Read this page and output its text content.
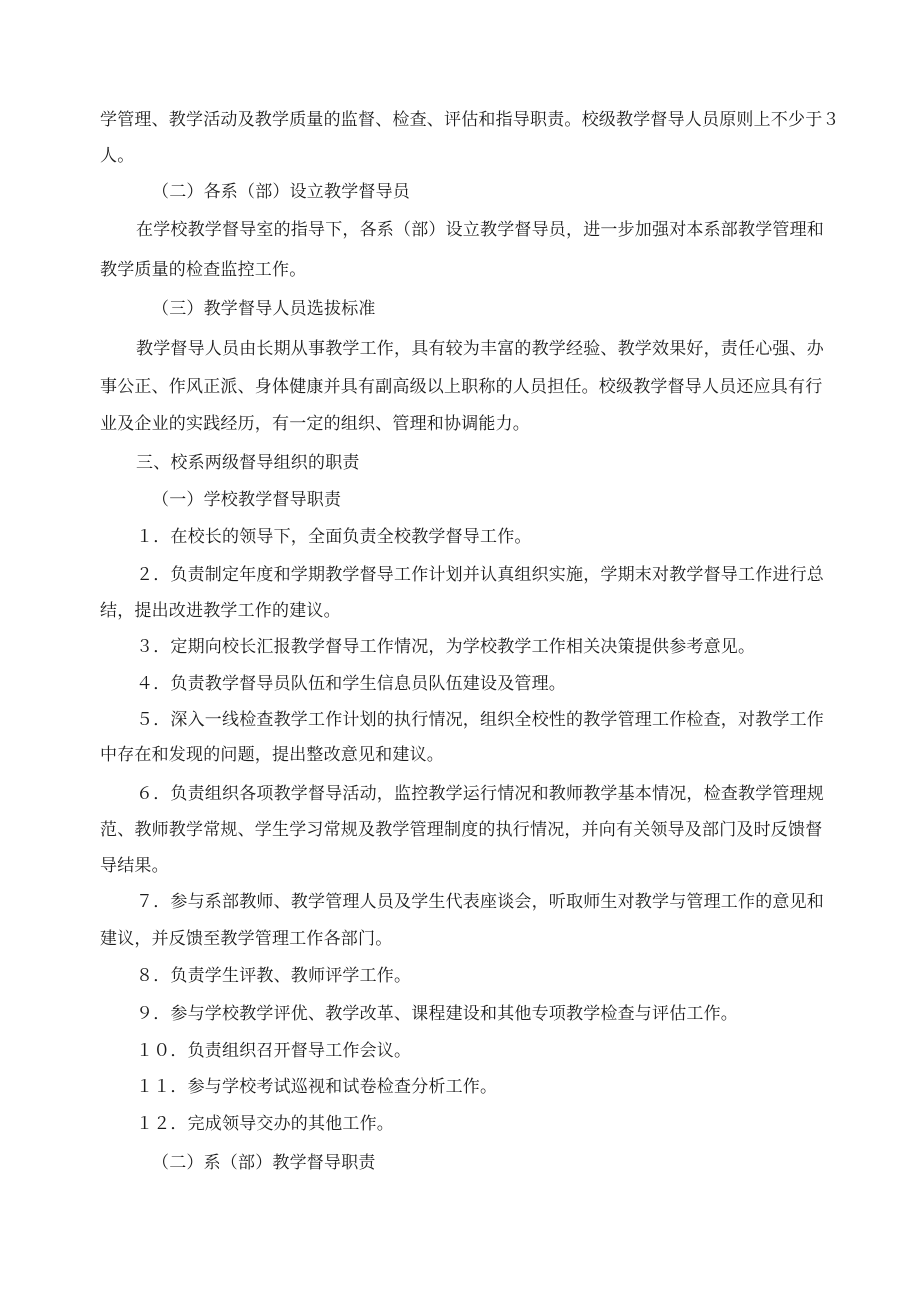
学管理、教学活动及教学质量的监督、检查、评估和指导职责。校级教学督导人员原则上不少于３
人。
（二）各系（部）设立教学督导员
在学校教学督导室的指导下，各系（部）设立教学督导员，进一步加强对本系部教学管理和
教学质量的检查监控工作。
（三）教学督导人员选拔标准
教学督导人员由长期从事教学工作，具有较为丰富的教学经验、教学效果好，责任心强、办
事公正、作风正派、身体健康并具有副高级以上职称的人员担任。校级教学督导人员还应具有行
业及企业的实践经历，有一定的组织、管理和协调能力。
三、校系两级督导组织的职责
（一）学校教学督导职责
１．在校长的领导下，全面负责全校教学督导工作。
２．负责制定年度和学期教学督导工作计划并认真组织实施，学期末对教学督导工作进行总
结，提出改进教学工作的建议。
３．定期向校长汇报教学督导工作情况，为学校教学工作相关决策提供参考意见。
４．负责教学督导员队伍和学生信息员队伍建设及管理。
５．深入一线检查教学工作计划的执行情况，组织全校性的教学管理工作检查，对教学工作
中存在和发现的问题，提出整改意见和建议。
６．负责组织各项教学督导活动，监控教学运行情况和教师教学基本情况，检查教学管理规
范、教师教学常规、学生学习常规及教学管理制度的执行情况，并向有关领导及部门及时反馈督
导结果。
７．参与系部教师、教学管理人员及学生代表座谈会，听取师生对教学与管理工作的意见和
建议，并反馈至教学管理工作各部门。
８．负责学生评教、教师评学工作。
９．参与学校教学评优、教学改革、课程建设和其他专项教学检查与评估工作。
１０．负责组织召开督导工作会议。
１１．参与学校考试巡视和试卷检查分析工作。
１２．完成领导交办的其他工作。
（二）系（部）教学督导职责
